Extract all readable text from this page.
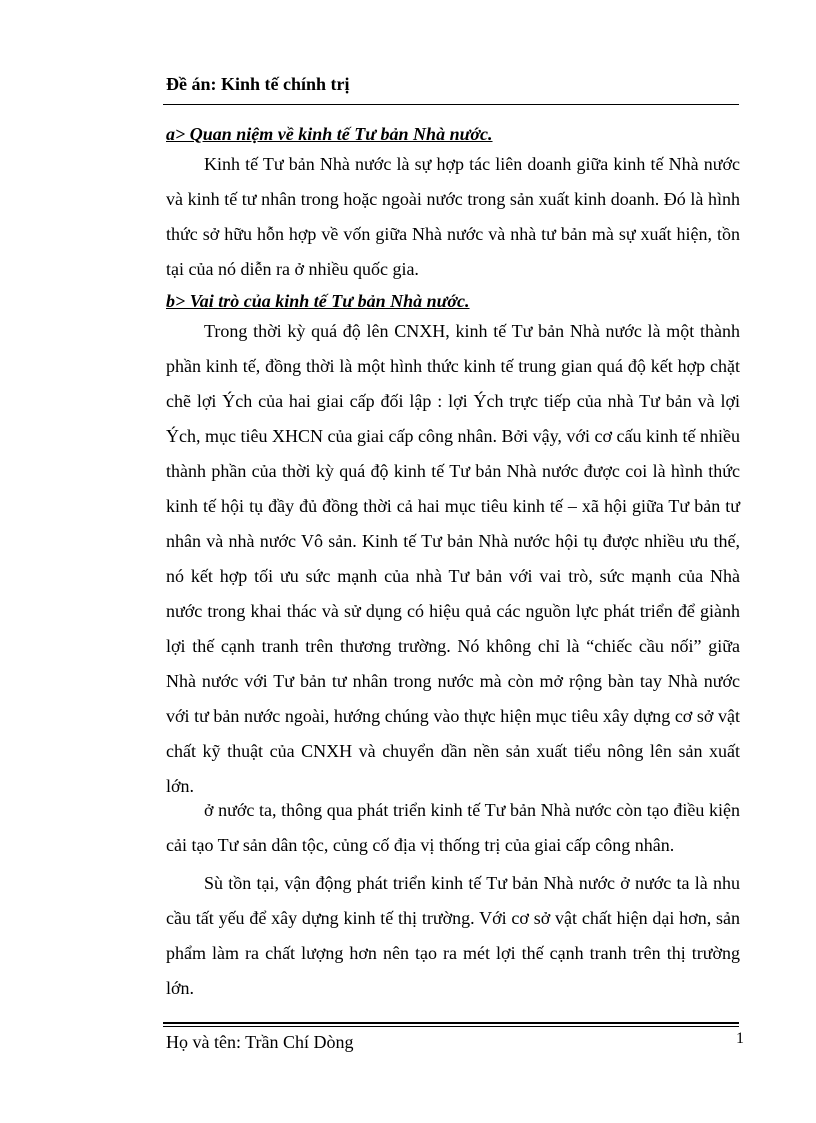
Đề án: Kinh tế chính trị
a> Quan niệm về kinh tế Tư bản Nhà nước.

Kinh tế Tư bản Nhà nước là sự hợp tác liên doanh giữa kinh tế Nhà nước và kinh tế tư nhân trong hoặc ngoài nước trong sản xuất kinh doanh. Đó là hình thức sở hữu hỗn hợp về vốn giữa Nhà nước và nhà tư bản mà sự xuất hiện, tồn tại của nó diễn ra ở nhiều quốc gia.

b> Vai trò của kinh tế Tư bản Nhà nước.

Trong thời kỳ quá độ lên CNXH, kinh tế Tư bản Nhà nước là một thành phần kinh tế, đồng thời là một hình thức kinh tế trung gian quá độ kết hợp chặt chẽ lợi Ých của hai giai cấp đối lập : lợi Ých trực tiếp của nhà Tư bản và lợi Ých, mục tiêu XHCN của giai cấp công nhân. Bởi vậy, với cơ cấu kinh tế nhiều thành phần của thời kỳ quá độ kinh tế Tư bản Nhà nước được coi là hình thức kinh tế hội tụ đầy đủ đồng thời cả hai mục tiêu kinh tế – xã hội giữa Tư bản tư nhân và nhà nước Vô sản. Kinh tế Tư bản Nhà nước hội tụ được nhiều ưu thế, nó kết hợp tối ưu sức mạnh của nhà Tư bản với vai trò, sức mạnh của Nhà nước trong khai thác và sử dụng có hiệu quả các nguồn lực phát triển để giành lợi thế cạnh tranh trên thương trường. Nó không chỉ là “chiếc cầu nối” giữa Nhà nước với Tư bản tư nhân trong nước mà còn mở rộng bàn tay Nhà nước với tư bản nước ngoài, hướng chúng vào thực hiện mục tiêu xây dựng cơ sở vật chất kỹ thuật của CNXH và chuyển dần nền sản xuất tiểu nông lên sản xuất lớn.

ở nước ta, thông qua phát triển kinh tế Tư bản Nhà nước còn tạo điều kiện cải tạo Tư sản dân tộc, củng cố địa vị thống trị của giai cấp công nhân.

Sù tồn tại, vận động phát triển kinh tế Tư bản Nhà nước ở nước ta là nhu cầu tất yếu để xây dựng kinh tế thị trường. Với cơ sở vật chất hiện dại hơn, sản phẩm làm ra chất lượng hơn nên tạo ra mét lợi thế cạnh tranh trên thị trường lớn.

Họ và tên: Trần Chí Dòng	1
